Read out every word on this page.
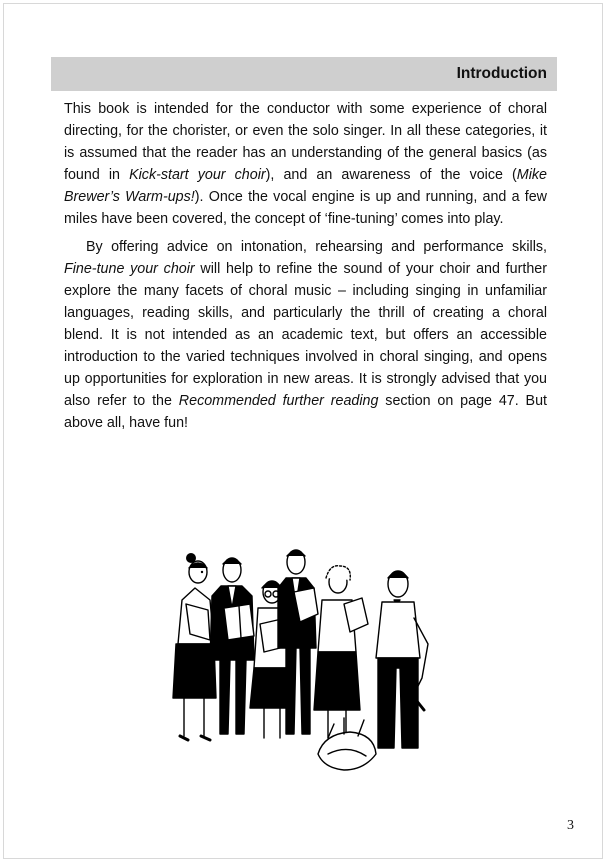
Introduction

This book is intended for the conductor with some experience of choral directing, for the chorister, or even the solo singer. In all these categories, it is assumed that the reader has an understanding of the general basics (as found in Kick-start your choir), and an awareness of the voice (Mike Brewer’s Warm-ups!). Once the vocal engine is up and running, and a few miles have been covered, the concept of ‘fine-tuning’ comes into play.

By offering advice on intonation, rehearsing and performance skills, Fine-tune your choir will help to refine the sound of your choir and further explore the many facets of choral music – including singing in unfamiliar languages, reading skills, and particularly the thrill of creating a choral blend. It is not intended as an academic text, but offers an accessible introduction to the varied techniques involved in choral singing, and opens up opportunities for exploration in new areas. It is strongly advised that you also refer to the Recommended further reading section on page 47. But above all, have fun!

3
